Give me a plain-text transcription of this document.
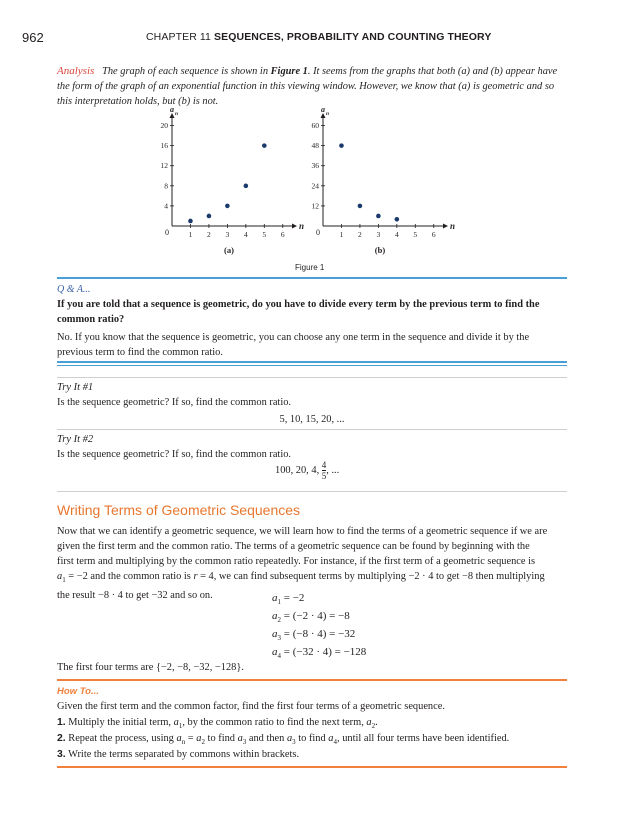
962	CHAPTER 11 SEQUENCES, PROBABILITY AND COUNTING THEORY
Analysis The graph of each sequence is shown in Figure 1. It seems from the graphs that both (a) and (b) appear have
the form of the graph of an exponential function in this viewing window. However, we know that (a) is geometric and so
this interpretation holds, but (b) is not.
a n
n
0	1 2 3 4 5 6
4
8
12
16
20
(a)
a n
n
0	1 2 3 4 5 6
12
24
36
48
60
(b)
Figure 1
Q & A...
If you are told that a sequence is geometric, do you have to divide every term by the previous term to find the
common ratio?
No. If you know that the sequence is geometric, you can choose any one term in the sequence and divide it by the
previous term to find the common ratio.
Try It #1
Is the sequence geometric? If so, find the common ratio.
5, 10, 15, 20, ...
Try It #2
Is the sequence geometric? If so, find the common ratio.
100, 20, 4, $\frac{4}{5}$ , ...
Writing Terms of Geometric Sequences
Now that we can identify a geometric sequence, we will learn how to find the terms of a geometric sequence if we are
given the first term and the common ratio. The terms of a geometric sequence can be found by beginning with the
first term and multiplying by the common ratio repeatedly. For instance, if the first term of a geometric sequence is
$a_1 = -2$ and the common ratio is r = 4, we can find subsequent terms by multiplying −2 · 4 to get −8 then multiplying
the result −8 · 4 to get −32 and so on.	$a_1 = -2$
$a_2 = (-2 \cdot 4) = -8$
$a_3 = (-8 \cdot 4) = -32$
$a_4 = (-32 \cdot 4) = -128$
The first four terms are {−2, −8, −32, −128}.
How To...
Given the first term and the common factor, find the first four terms of a geometric sequence.
1. Multiply the initial term, $a_1$, by the common ratio to find the next term, $a_2$.
2. Repeat the process, using $a_n = a_2$ to find $a_3$ and then $a_3$ to find $a_4$, until all four terms have been identified.
3. Write the terms separated by commons within brackets.
